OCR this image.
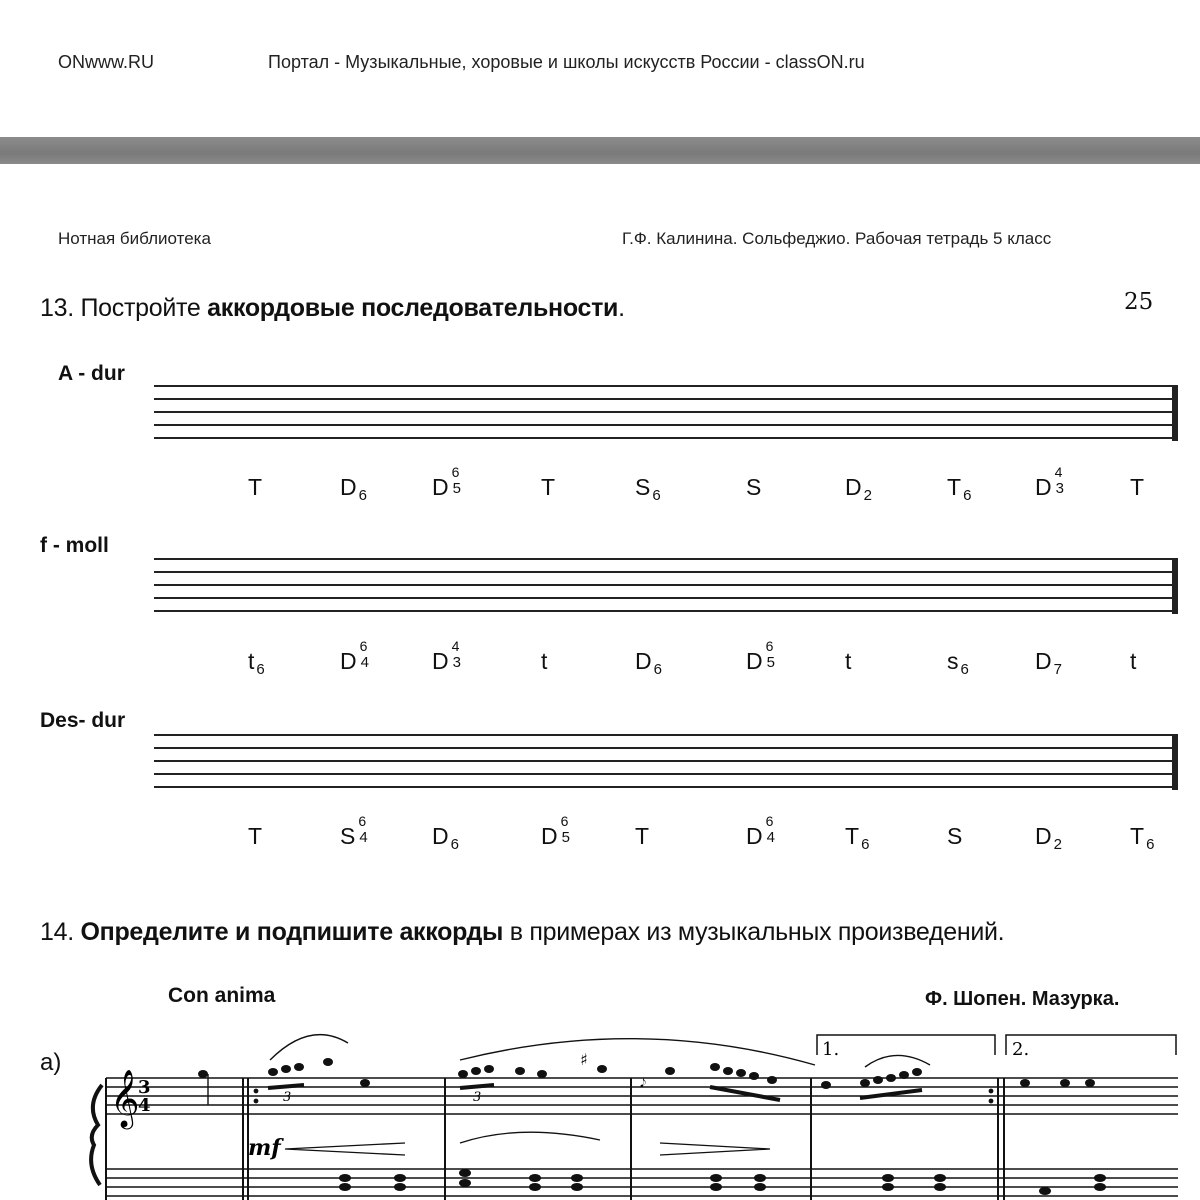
ONwww.RU	Портал - Музыкальные, хоровые и школы искусств России - classON.ru
Нотная библиотека	Г.Ф. Калинина. Сольфеджио. Рабочая тетрадь 5 класс
25
13. Постройте аккордовые последовательности.
A - dur
f - moll
Des- dur
14. Определите и подпишите аккорды в примерах из музыкальных произведений.
Con anima	Ф. Шопен. Мазурка.
а)
𝄞
3
4	3	3
♯
𝆕
1.	2.
mf
T	D $_6$	D
6
5	T	S $_6$	S	D $_2$	T $_6$	D
4
3	T
t $_6$	D
6
4	D
4
3	t	D $_6$	D
6
5	t	s $_6$	D $_7$	t
T	S
6
4	D $_6$	D
6
5	T	D
6
4	T $_6$	S	D $_2$	T $_6$
